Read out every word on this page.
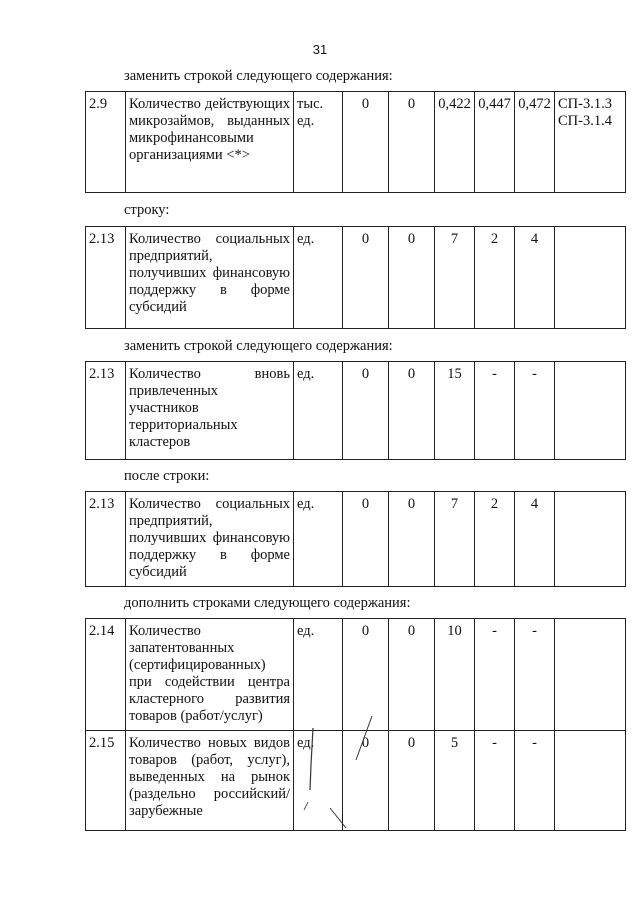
31
заменить строкой следующего содержания:
2.9	Количество действующих микрозаймов, выданных микрофинансовыми организациями <*>	тыс. ед.	0	0	0,422	0,447	0,472	СП-3.1.3
СП-3.1.4
строку:
2.13	Количество социальных предприятий, получивших финансовую поддержку в форме субсидий	ед.	0	0	7	2	4	
заменить строкой следующего содержания:
2.13	Количество вновь привлеченных участников территориальных кластеров	ед.	0	0	15	-	-	
после строки:
2.13	Количество социальных предприятий, получивших финансовую поддержку в форме субсидий	ед.	0	0	7	2	4	
дополнить строками следующего содержания:
2.14	Количество запатентованных (сертифицированных) при содействии центра кластерного развития товаров (работ/услуг)	ед.	0	0	10	-	-	
2.15	Количество новых видов товаров (работ, услуг), выведенных на рынок (раздельно российский/зарубежные	ед.	0	0	5	-	-	
